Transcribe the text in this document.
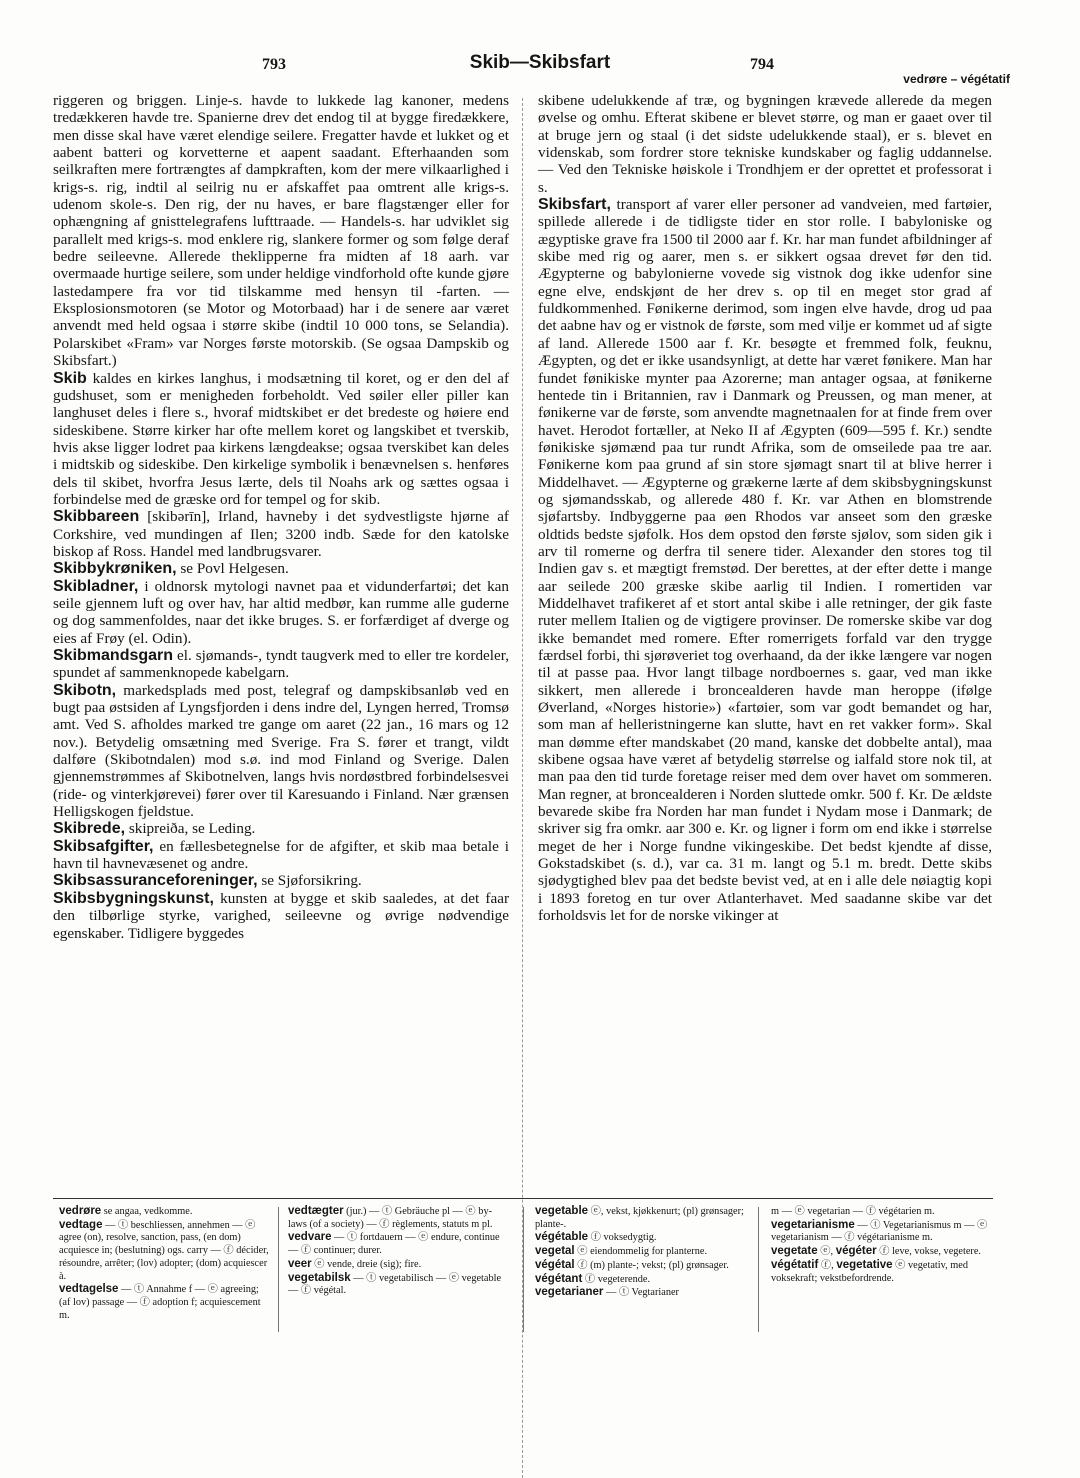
793	Skib—Skibsfart	794
vedrøre – végétatif

riggeren og briggen. Linje-s. havde to lukkede lag kanoner, medens tredækkeren havde tre. Spanierne drev det endog til at bygge firedækkere, men disse skal have været elendige seilere. Fregatter havde et lukket og et aabent batteri og korvetterne et aapent saadant. Efterhaanden som seilkraften mere fortrængtes af dampkraften, kom der mere vilkaarlighed i krigs-s. rig, indtil al seilrig nu er afskaffet paa omtrent alle krigs-s. udenom skole-s. Den rig, der nu haves, er bare flagstænger eller for ophængning af gnisttelegrafens lufttraade. — Handels-s. har udviklet sig parallelt med krigs-s. mod enklere rig, slankere former og som følge deraf bedre seileevne. Allerede theklipperne fra midten af 18 aarh. var overmaade hurtige seilere, som under heldige vindforhold ofte kunde gjøre lastedampere fra vor tid tilskamme med hensyn til -farten. — Eksplosionsmotoren (se Motor og Motorbaad) har i de senere aar været anvendt med held ogsaa i større skibe (indtil 10 000 tons, se Selandia). Polarskibet «Fram» var Norges første motorskib. (Se ogsaa Dampskib og Skibsfart.)

Skib kaldes en kirkes langhus, i modsætning til koret, og er den del af gudshuset, som er menigheden forbeholdt. Ved søiler eller piller kan langhuset deles i flere s., hvoraf midtskibet er det bredeste og høiere end sideskibene. Større kirker har ofte mellem koret og langskibet et tverskib, hvis akse ligger lodret paa kirkens længdeakse; ogsaa tverskibet kan deles i midtskib og sideskibe. Den kirkelige symbolik i benævnelsen s. henføres dels til skibet, hvorfra Jesus lærte, dels til Noahs ark og sættes ogsaa i forbindelse med de græske ord for tempel og for skib.

Skibbareen [skibərīn], Irland, havneby i det sydvestligste hjørne af Corkshire, ved mundingen af Ilen; 3200 indb. Sæde for den katolske biskop af Ross. Handel med landbrugsvarer.

Skibbykrøniken, se Povl Helgesen.

Skibladner, i oldnorsk mytologi navnet paa et vidunderfartøi; det kan seile gjennem luft og over hav, har altid medbør, kan rumme alle guderne og dog sammenfoldes, naar det ikke bruges. S. er forfærdiget af dverge og eies af Frøy (el. Odin).

Skibmandsgarn el. sjømands-, tyndt taugverk med to eller tre kordeler, spundet af sammenknopede kabelgarn.

Skibotn, markedsplads med post, telegraf og dampskibsanløb ved en bugt paa østsiden af Lyngsfjorden i dens indre del, Lyngen herred, Tromsø amt. Ved S. afholdes marked tre gange om aaret (22 jan., 16 mars og 12 nov.). Betydelig omsætning med Sverige. Fra S. fører et trangt, vildt dalføre (Skibotndalen) mod s.ø. ind mod Finland og Sverige. Dalen gjennemstrømmes af Skibotnelven, langs hvis nordøstbred forbindelsesvei (ride- og vinterkjørevei) fører over til Karesuando i Finland. Nær grænsen Helligskogen fjeldstue.

Skibrede, skipreiða, se Leding.

Skibsafgifter, en fællesbetegnelse for de afgifter, et skib maa betale i havn til havnevæsenet og andre.

Skibsassuranceforeninger, se Sjøforsikring.

Skibsbygningskunst, kunsten at bygge et skib saaledes, at det faar den tilbørlige styrke, varighed, seileevne og øvrige nødvendige egenskaber. Tidligere byggedes

skibene udelukkende af træ, og bygningen krævede allerede da megen øvelse og omhu. Efterat skibene er blevet større, og man er gaaet over til at bruge jern og staal (i det sidste udelukkende staal), er s. blevet en videnskab, som fordrer store tekniske kundskaber og faglig uddannelse. — Ved den Tekniske høiskole i Trondhjem er der oprettet et professorat i s.

Skibsfart, transport af varer eller personer ad vandveien, med fartøier, spillede allerede i de tidligste tider en stor rolle. I babyloniske og ægyptiske grave fra 1500 til 2000 aar f. Kr. har man fundet afbildninger af skibe med rig og aarer, men s. er sikkert ogsaa drevet før den tid. Ægypterne og babylonierne vovede sig vistnok dog ikke udenfor sine egne elve, endskjønt de her drev s. op til en meget stor grad af fuldkommenhed. Fønikerne derimod, som ingen elve havde, drog ud paa det aabne hav og er vistnok de første, som med vilje er kommet ud af sigte af land. Allerede 1500 aar f. Kr. besøgte et fremmed folk, feuknu, Ægypten, og det er ikke usandsynligt, at dette har været fønikere. Man har fundet fønikiske mynter paa Azorerne; man antager ogsaa, at fønikerne hentede tin i Britannien, rav i Danmark og Preussen, og man mener, at fønikerne var de første, som anvendte magnetnaalen for at finde frem over havet. Herodot fortæller, at Neko II af Ægypten (609—595 f. Kr.) sendte fønikiske sjømænd paa tur rundt Afrika, som de omseilede paa tre aar. Fønikerne kom paa grund af sin store sjømagt snart til at blive herrer i Middelhavet. — Ægypterne og grækerne lærte af dem skibsbygningskunst og sjømandsskab, og allerede 480 f. Kr. var Athen en blomstrende sjøfartsby. Indbyggerne paa øen Rhodos var anseet som den græske oldtids bedste sjøfolk. Hos dem opstod den første sjølov, som siden gik i arv til romerne og derfra til senere tider. Alexander den stores tog til Indien gav s. et mægtigt fremstød. Der berettes, at der efter dette i mange aar seilede 200 græske skibe aarlig til Indien. I romertiden var Middelhavet trafikeret af et stort antal skibe i alle retninger, der gik faste ruter mellem Italien og de vigtigere provinser. De romerske skibe var dog ikke bemandet med romere. Efter romerrigets forfald var den trygge færdsel forbi, thi sjørøveriet tog overhaand, da der ikke længere var nogen til at passe paa. Hvor langt tilbage nordboernes s. gaar, ved man ikke sikkert, men allerede i broncealderen havde man heroppe (ifølge Øverland, «Norges historie») «fartøier, som var godt bemandet og har, som man af helleristningerne kan slutte, havt en ret vakker form». Skal man dømme efter mandskabet (20 mand, kanske det dobbelte antal), maa skibene ogsaa have været af betydelig størrelse og ialfald store nok til, at man paa den tid turde foretage reiser med dem over havet om sommeren. Man regner, at broncealderen i Norden sluttede omkr. 500 f. Kr. De ældste bevarede skibe fra Norden har man fundet i Nydam mose i Danmark; de skriver sig fra omkr. aar 300 e. Kr. og ligner i form om end ikke i størrelse meget de her i Norge fundne vikingeskibe. Det bedst kjendte af disse, Gokstadskibet (s. d.), var ca. 31 m. langt og 5.1 m. bredt. Dette skibs sjødygtighed blev paa det bedste bevist ved, at en i alle dele nøiagtig kopi i 1893 foretog en tur over Atlanterhavet. Med saadanne skibe var det forholdsvis let for de norske vikinger at

vedrøre se angaa, vedkomme.

vedtage — ⓣ beschliessen, annehmen — ⓔ agree (on), resolve, sanction, pass, (en dom) acquiesce in; (beslutning) ogs. carry — ⓕ décider, résoundre, arrêter; (lov) adopter; (dom) acquiescer à.

vedtagelse — ⓣ Annahme f — ⓔ agreeing; (af lov) passage — ⓕ adoption f; acquiescement m.

vedtægter (jur.) — ⓣ Gebräuche pl — ⓔ by-laws (of a society) — ⓕ règlements, statuts m pl.

vedvare — ⓣ fortdauern — ⓔ endure, continue — ⓕ continuer; durer.

veer ⓔ vende, dreie (sig); fire.

vegetabilsk — ⓣ vegetabilisch — ⓔ vegetable — ⓕ végétal.

vegetable ⓔ, vekst, kjøkkenurt; (pl) grønsager; plante-.

végétable ⓕ voksedygtig.

vegetal ⓔ eiendommelig for planterne.

végétal ⓕ (m) plante-; vekst; (pl) grønsager.

végétant ⓕ vegeterende.

vegetarianer — ⓣ Vegtarianer

m — ⓔ vegetarian — ⓕ végétarien m.

vegetarianisme — ⓣ Vegetarianismus m — ⓔ vegetarianism — ⓕ végétarianisme m.

vegetate ⓔ, végéter ⓕ leve, vokse, vegetere.

végétatif ⓕ, vegetative ⓔ vegetativ, med voksekraft; vekstbefordrende.
